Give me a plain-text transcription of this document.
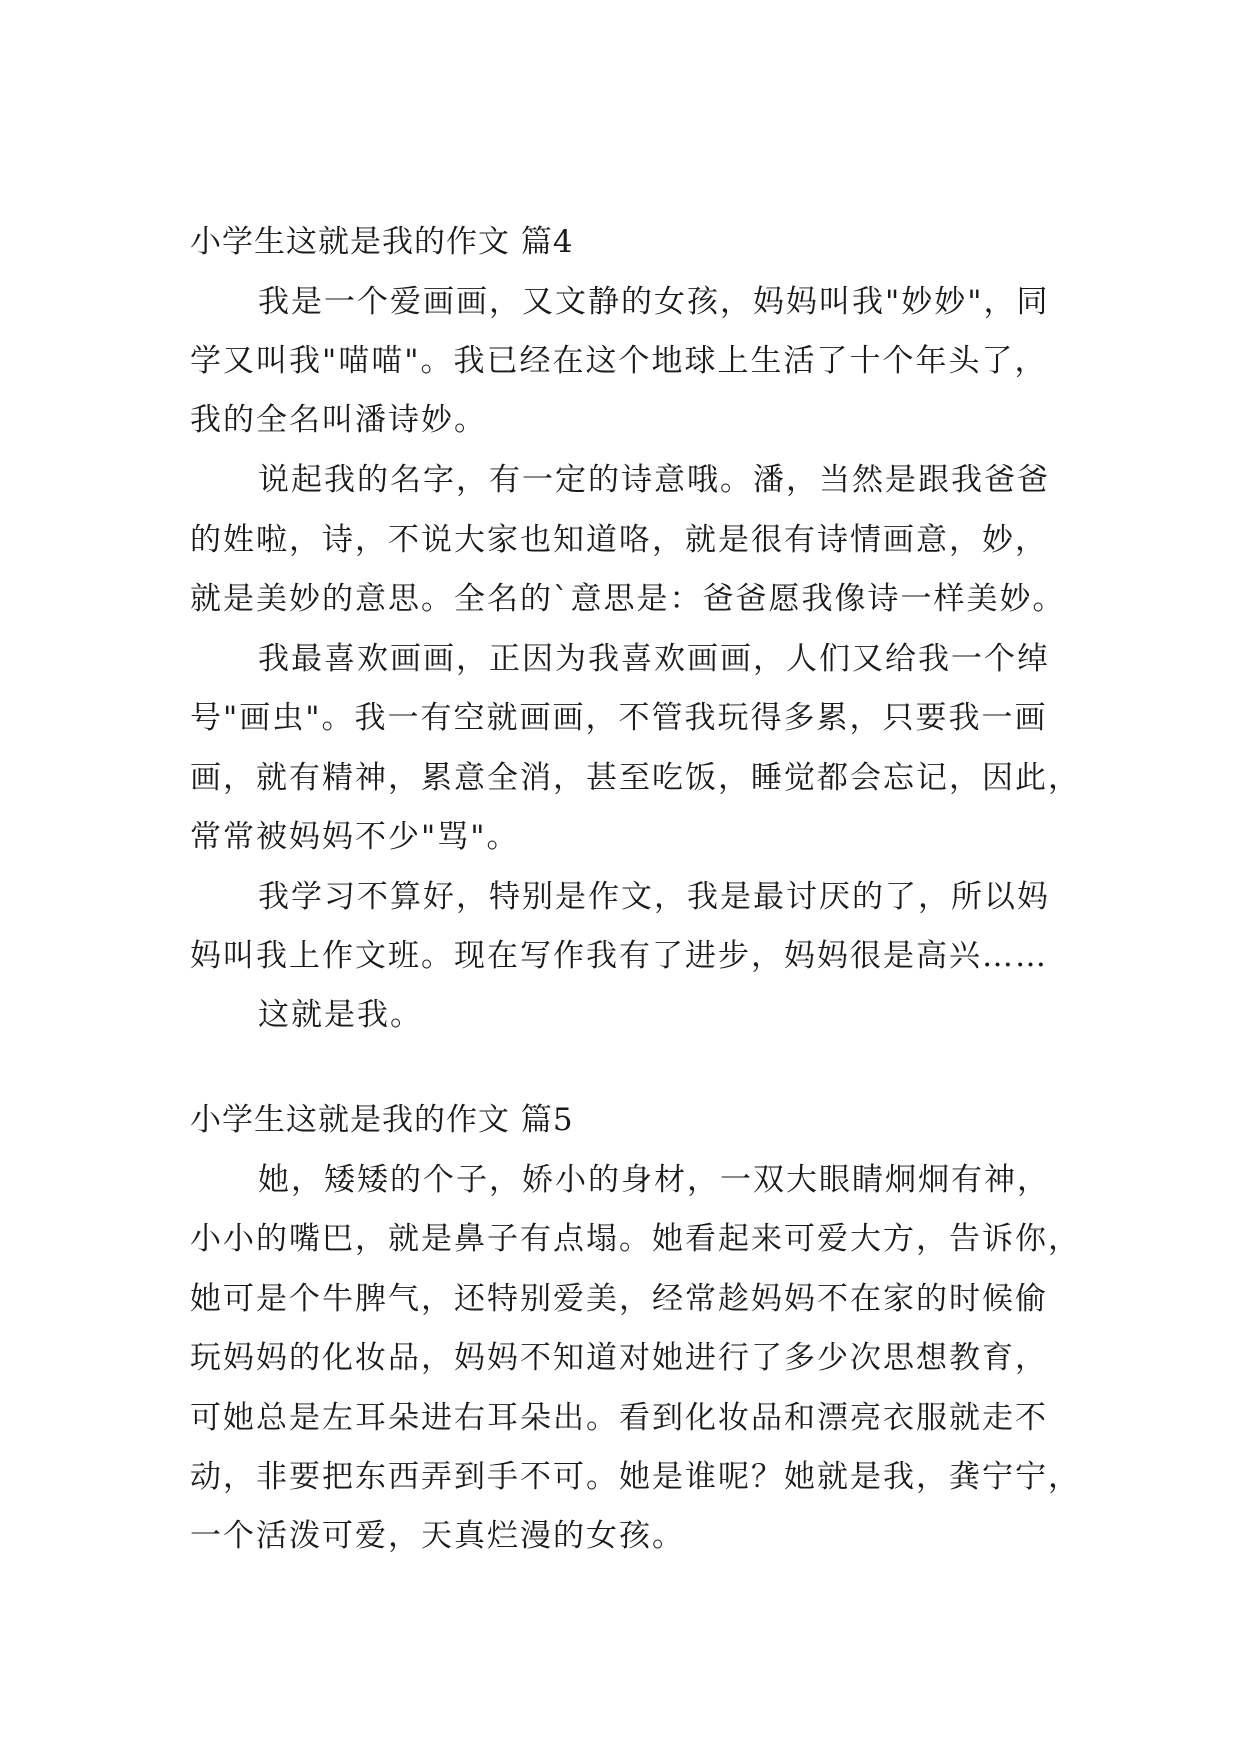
小学生这就是我的作文 篇4
我是一个爱画画，又文静的女孩，妈妈叫我"妙妙"，同
学又叫我"喵喵"。我已经在这个地球上生活了十个年头了，
我的全名叫潘诗妙。
说起我的名字，有一定的诗意哦。潘，当然是跟我爸爸
的姓啦，诗，不说大家也知道咯，就是很有诗情画意，妙，
就是美妙的意思。全名的`意思是：爸爸愿我像诗一样美妙。
我最喜欢画画，正因为我喜欢画画，人们又给我一个绰
号"画虫"。我一有空就画画，不管我玩得多累，只要我一画
画，就有精神，累意全消，甚至吃饭，睡觉都会忘记，因此，
常常被妈妈不少"骂"。
我学习不算好，特别是作文，我是最讨厌的了，所以妈
妈叫我上作文班。现在写作我有了进步，妈妈很是高兴……
这就是我。
小学生这就是我的作文 篇5
她，矮矮的个子，娇小的身材，一双大眼睛炯炯有神，
小小的嘴巴，就是鼻子有点塌。她看起来可爱大方，告诉你，
她可是个牛脾气，还特别爱美，经常趁妈妈不在家的时候偷
玩妈妈的化妆品，妈妈不知道对她进行了多少次思想教育，
可她总是左耳朵进右耳朵出。看到化妆品和漂亮衣服就走不
动，非要把东西弄到手不可。她是谁呢？她就是我，龚宁宁，
一个活泼可爱，天真烂漫的女孩。
